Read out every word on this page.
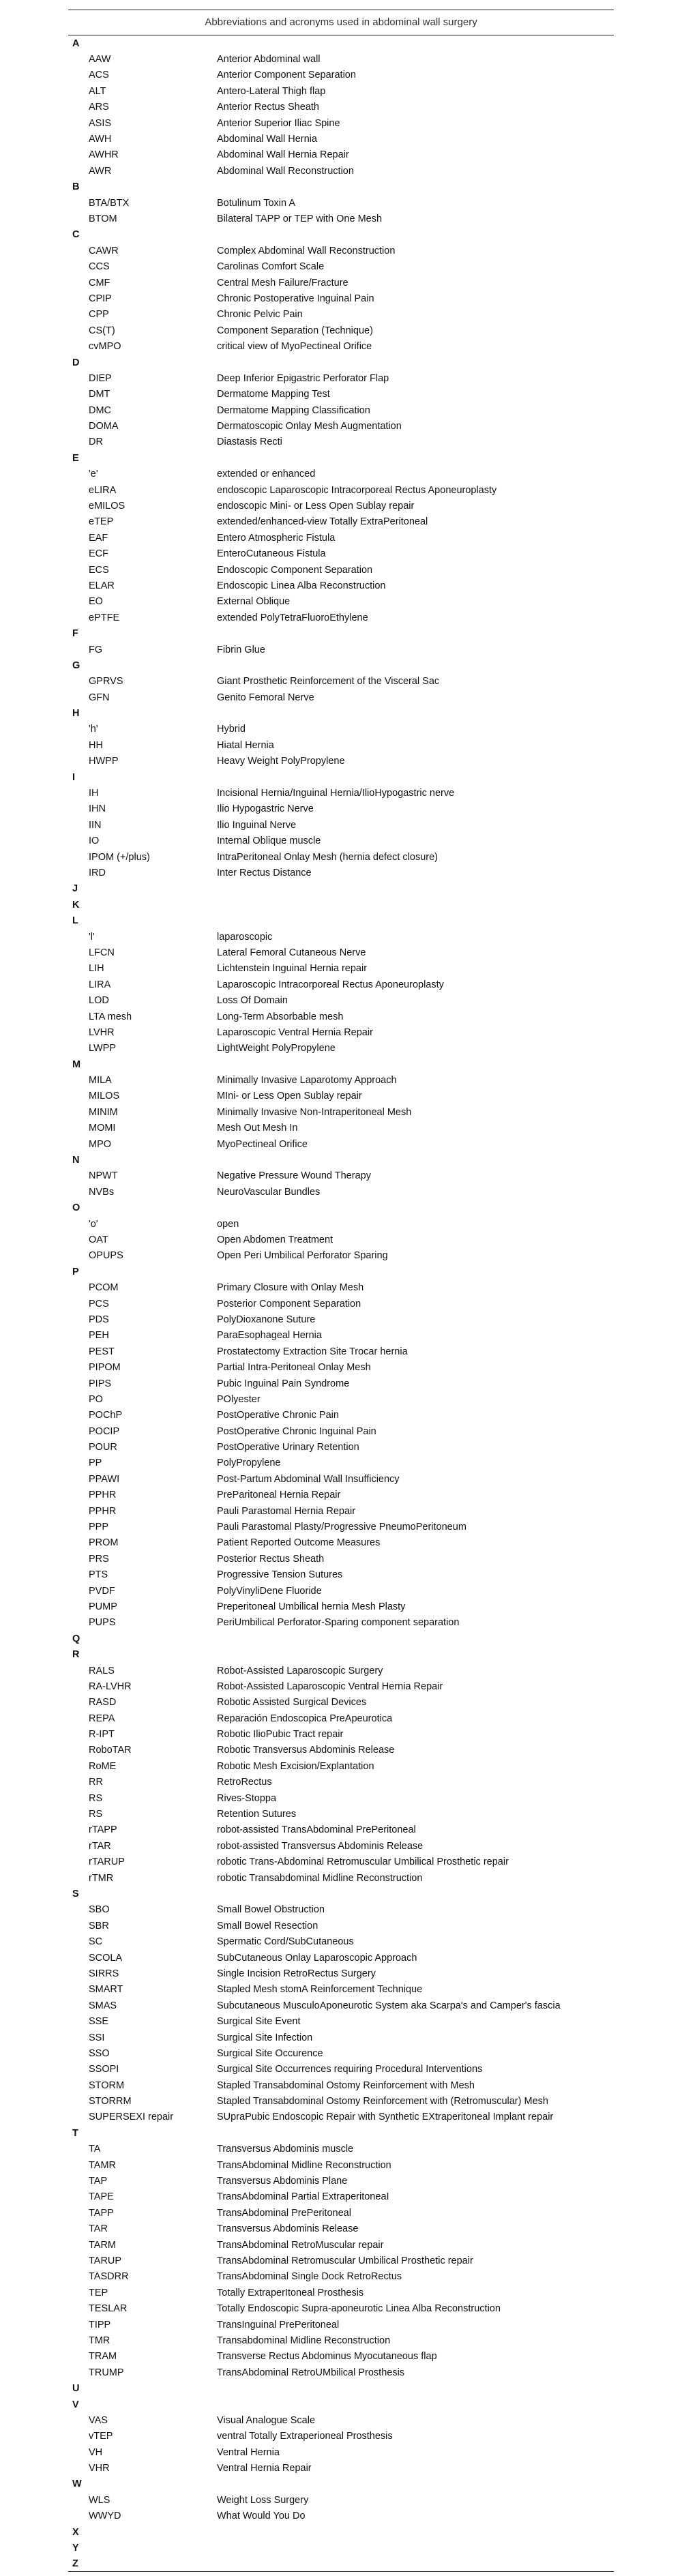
Abbreviations and acronyms used in abdominal wall surgery
A
AAW	Anterior Abdominal wall
ACS	Anterior Component Separation
ALT	Antero-Lateral Thigh flap
ARS	Anterior Rectus Sheath
ASIS	Anterior Superior Iliac Spine
AWH	Abdominal Wall Hernia
AWHR	Abdominal Wall Hernia Repair
AWR	Abdominal Wall Reconstruction
B
BTA/BTX	Botulinum Toxin A
BTOM	Bilateral TAPP or TEP with One Mesh
C
CAWR	Complex Abdominal Wall Reconstruction
CCS	Carolinas Comfort Scale
CMF	Central Mesh Failure/Fracture
CPIP	Chronic Postoperative Inguinal Pain
CPP	Chronic Pelvic Pain
CS(T)	Component Separation (Technique)
cvMPO	critical view of MyoPectineal Orifice
D
DIEP	Deep Inferior Epigastric Perforator Flap
DMT	Dermatome Mapping Test
DMC	Dermatome Mapping Classification
DOMA	Dermatoscopic Onlay Mesh Augmentation
DR	Diastasis Recti
E
'e'	extended or enhanced
eLIRA	endoscopic Laparoscopic Intracorporeal Rectus Aponeuroplasty
eMILOS	endoscopic Mini- or Less Open Sublay repair
eTEP	extended/enhanced-view Totally ExtraPeritoneal
EAF	Entero Atmospheric Fistula
ECF	EnteroCutaneous Fistula
ECS	Endoscopic Component Separation
ELAR	Endoscopic Linea Alba Reconstruction
EO	External Oblique
ePTFE	extended PolyTetraFluoroEthylene
F
FG	Fibrin Glue
G
GPRVS	Giant Prosthetic Reinforcement of the Visceral Sac
GFN	Genito Femoral Nerve
H
'h'	Hybrid
HH	Hiatal Hernia
HWPP	Heavy Weight PolyPropylene
I
IH	Incisional Hernia/Inguinal Hernia/IlioHypogastric nerve
IHN	Ilio Hypogastric Nerve
IIN	Ilio Inguinal Nerve
IO	Internal Oblique muscle
IPOM (+/plus)	IntraPeritoneal Onlay Mesh (hernia defect closure)
IRD	Inter Rectus Distance
J
K
L
'l'	laparoscopic
LFCN	Lateral Femoral Cutaneous Nerve
LIH	Lichtenstein Inguinal Hernia repair
LIRA	Laparoscopic Intracorporeal Rectus Aponeuroplasty
LOD	Loss Of Domain
LTA mesh	Long-Term Absorbable mesh
LVHR	Laparoscopic Ventral Hernia Repair
LWPP	LightWeight PolyPropylene
M
MILA	Minimally Invasive Laparotomy Approach
MILOS	MIni- or Less Open Sublay repair
MINIM	Minimally Invasive Non-Intraperitoneal Mesh
MOMI	Mesh Out Mesh In
MPO	MyoPectineal Orifice
N
NPWT	Negative Pressure Wound Therapy
NVBs	NeuroVascular Bundles
O
'o'	open
OAT	Open Abdomen Treatment
OPUPS	Open Peri Umbilical Perforator Sparing
P
PCOM	Primary Closure with Onlay Mesh
PCS	Posterior Component Separation
PDS	PolyDioxanone Suture
PEH	ParaEsophageal Hernia
PEST	Prostatectomy Extraction Site Trocar hernia
PIPOM	Partial Intra-Peritoneal Onlay Mesh
PIPS	Pubic Inguinal Pain Syndrome
PO	POlyester
POChP	PostOperative Chronic Pain
POCIP	PostOperative Chronic Inguinal Pain
POUR	PostOperative Urinary Retention
PP	PolyPropylene
PPAWI	Post-Partum Abdominal Wall Insufficiency
PPHR	PreParitoneal Hernia Repair
PPHR	Pauli Parastomal Hernia Repair
PPP	Pauli Parastomal Plasty/Progressive PneumoPeritoneum
PROM	Patient Reported Outcome Measures
PRS	Posterior Rectus Sheath
PTS	Progressive Tension Sutures
PVDF	PolyVinyliDene Fluoride
PUMP	Preperitoneal Umbilical hernia Mesh Plasty
PUPS	PeriUmbilical Perforator-Sparing component separation
Q
R
RALS	Robot-Assisted Laparoscopic Surgery
RA-LVHR	Robot-Assisted Laparoscopic Ventral Hernia Repair
RASD	Robotic Assisted Surgical Devices
REPA	Reparación Endoscopica PreApeurotica
R-IPT	Robotic IlioPubic Tract repair
RoboTAR	Robotic Transversus Abdominis Release
RoME	Robotic Mesh Excision/Explantation
RR	RetroRectus
RS	Rives-Stoppa
RS	Retention Sutures
rTAPP	robot-assisted TransAbdominal PrePeritoneal
rTAR	robot-assisted Transversus Abdominis Release
rTARUP	robotic Trans-Abdominal Retromuscular Umbilical Prosthetic repair
rTMR	robotic Transabdominal Midline Reconstruction
S
SBO	Small Bowel Obstruction
SBR	Small Bowel Resection
SC	Spermatic Cord/SubCutaneous
SCOLA	SubCutaneous Onlay Laparoscopic Approach
SIRRS	Single Incision RetroRectus Surgery
SMART	Stapled Mesh stomA Reinforcement Technique
SMAS	Subcutaneous MusculoAponeurotic System aka Scarpa's and Camper's fascia
SSE	Surgical Site Event
SSI	Surgical Site Infection
SSO	Surgical Site Occurence
SSOPI	Surgical Site Occurrences requiring Procedural Interventions
STORM	Stapled Transabdominal Ostomy Reinforcement with Mesh
STORRM	Stapled Transabdominal Ostomy Reinforcement with (Retromuscular) Mesh
SUPERSEXI repair	SUpraPubic Endoscopic Repair with Synthetic EXtraperitoneal Implant repair
T
TA	Transversus Abdominis muscle
TAMR	TransAbdominal Midline Reconstruction
TAP	Transversus Abdominis Plane
TAPE	TransAbdominal Partial ExtraperitoneaI
TAPP	TransAbdominal PrePeritoneal
TAR	Transversus Abdominis Release
TARM	TransAbdominal RetroMuscular repair
TARUP	TransAbdominal Retromuscular Umbilical Prosthetic repair
TASDRR	TransAbdominal Single Dock RetroRectus
TEP	Totally ExtraperItoneal Prosthesis
TESLAR	Totally Endoscopic Supra-aponeurotic Linea Alba Reconstruction
TIPP	TransInguinal PrePeritoneal
TMR	Transabdominal Midline Reconstruction
TRAM	Transverse Rectus Abdominus Myocutaneous flap
TRUMP	TransAbdominal RetroUMbilical Prosthesis
U
V
VAS	Visual Analogue Scale
vTEP	ventral Totally Extraperioneal Prosthesis
VH	Ventral Hernia
VHR	Ventral Hernia Repair
W
WLS	Weight Loss Surgery
WWYD	What Would You Do
X
Y
Z
